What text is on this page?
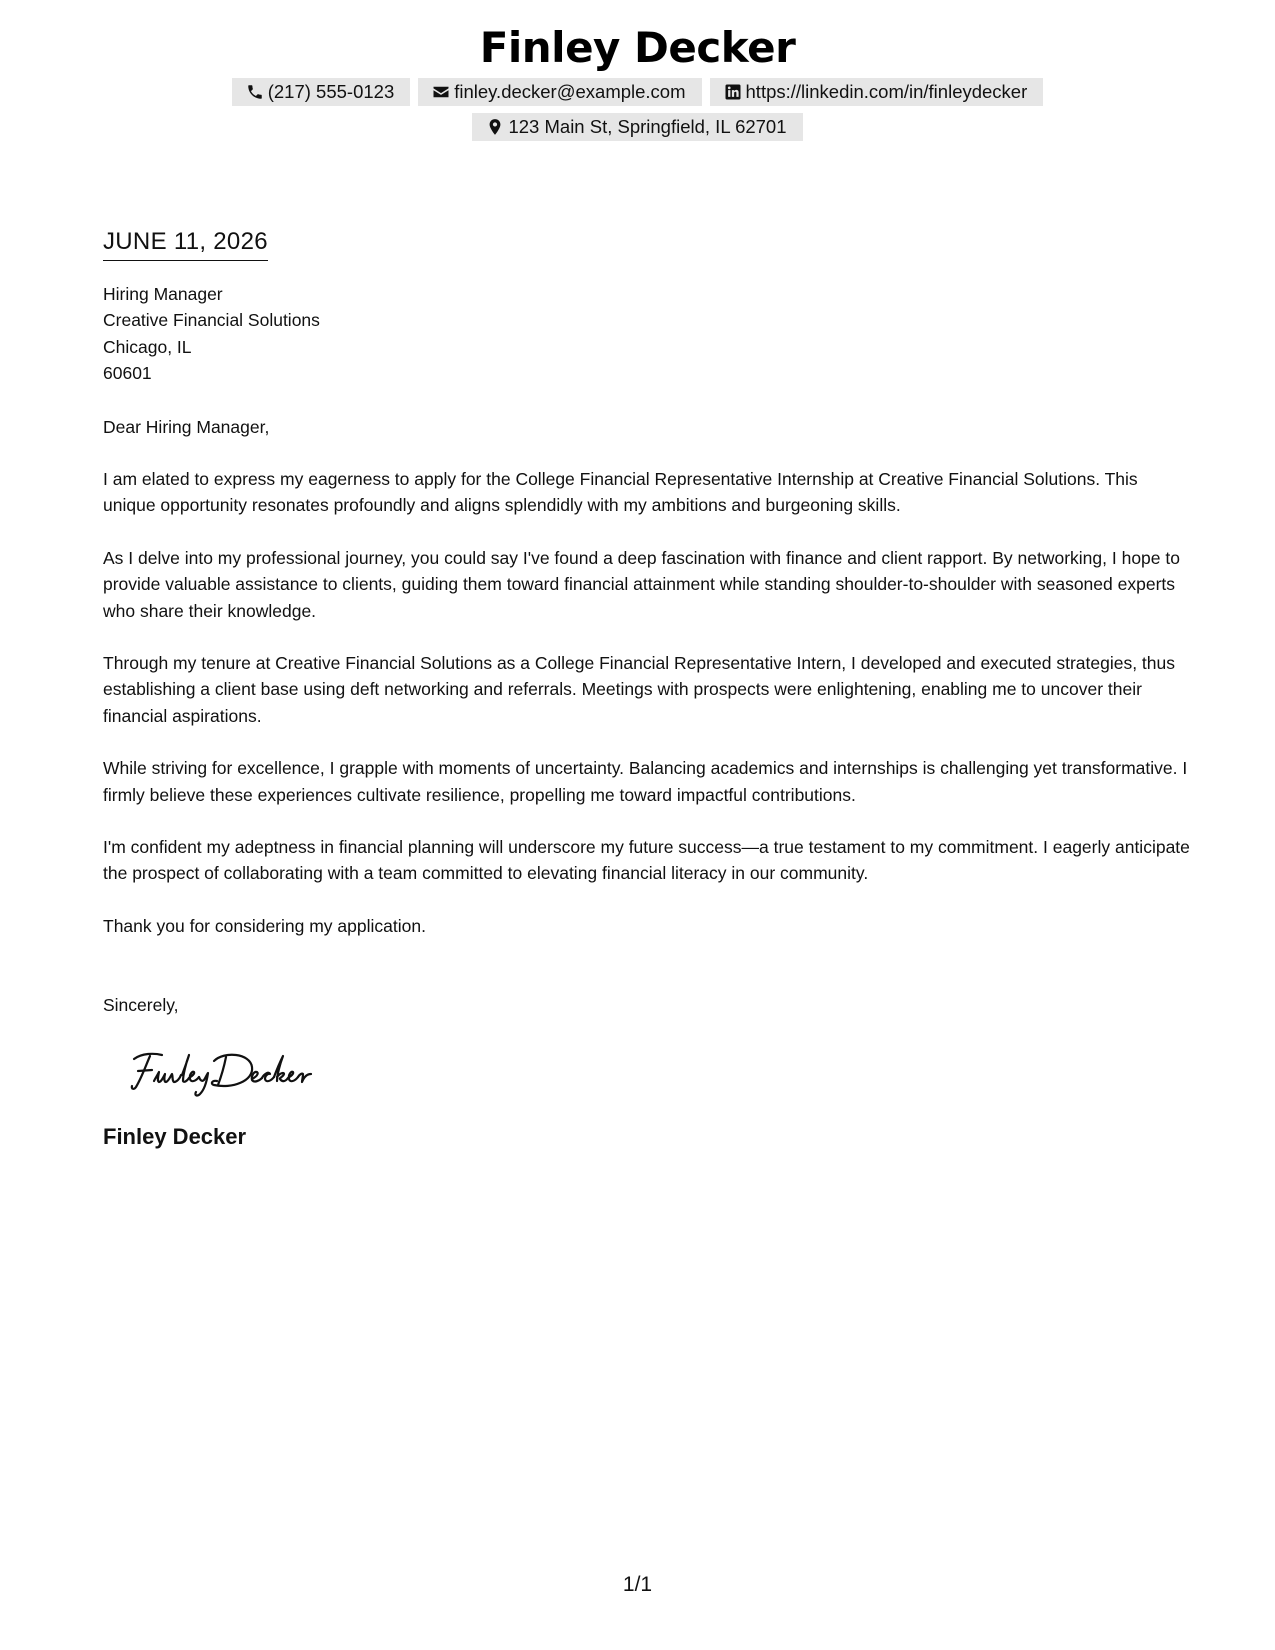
Finley Decker
(217) 555-0123	finley.decker@example.com	https://linkedin.com/in/finleydecker
123 Main St, Springfield, IL 62701
JUNE 11, 2026
Hiring Manager
Creative Financial Solutions
Chicago, IL
60601
Dear Hiring Manager,

I am elated to express my eagerness to apply for the College Financial Representative Internship at Creative Financial Solutions. This unique opportunity resonates profoundly and aligns splendidly with my ambitions and burgeoning skills.

As I delve into my professional journey, you could say I've found a deep fascination with finance and client rapport. By networking, I hope to provide valuable assistance to clients, guiding them toward financial attainment while standing shoulder-to-shoulder with seasoned experts who share their knowledge.

Through my tenure at Creative Financial Solutions as a College Financial Representative Intern, I developed and executed strategies, thus establishing a client base using deft networking and referrals. Meetings with prospects were enlightening, enabling me to uncover their financial aspirations.

While striving for excellence, I grapple with moments of uncertainty. Balancing academics and internships is challenging yet transformative. I firmly believe these experiences cultivate resilience, propelling me toward impactful contributions.

I'm confident my adeptness in financial planning will underscore my future success—a true testament to my commitment. I eagerly anticipate the prospect of collaborating with a team committed to elevating financial literacy in our community.

Thank you for considering my application.

Sincerely,
Finley Decker
1/1
